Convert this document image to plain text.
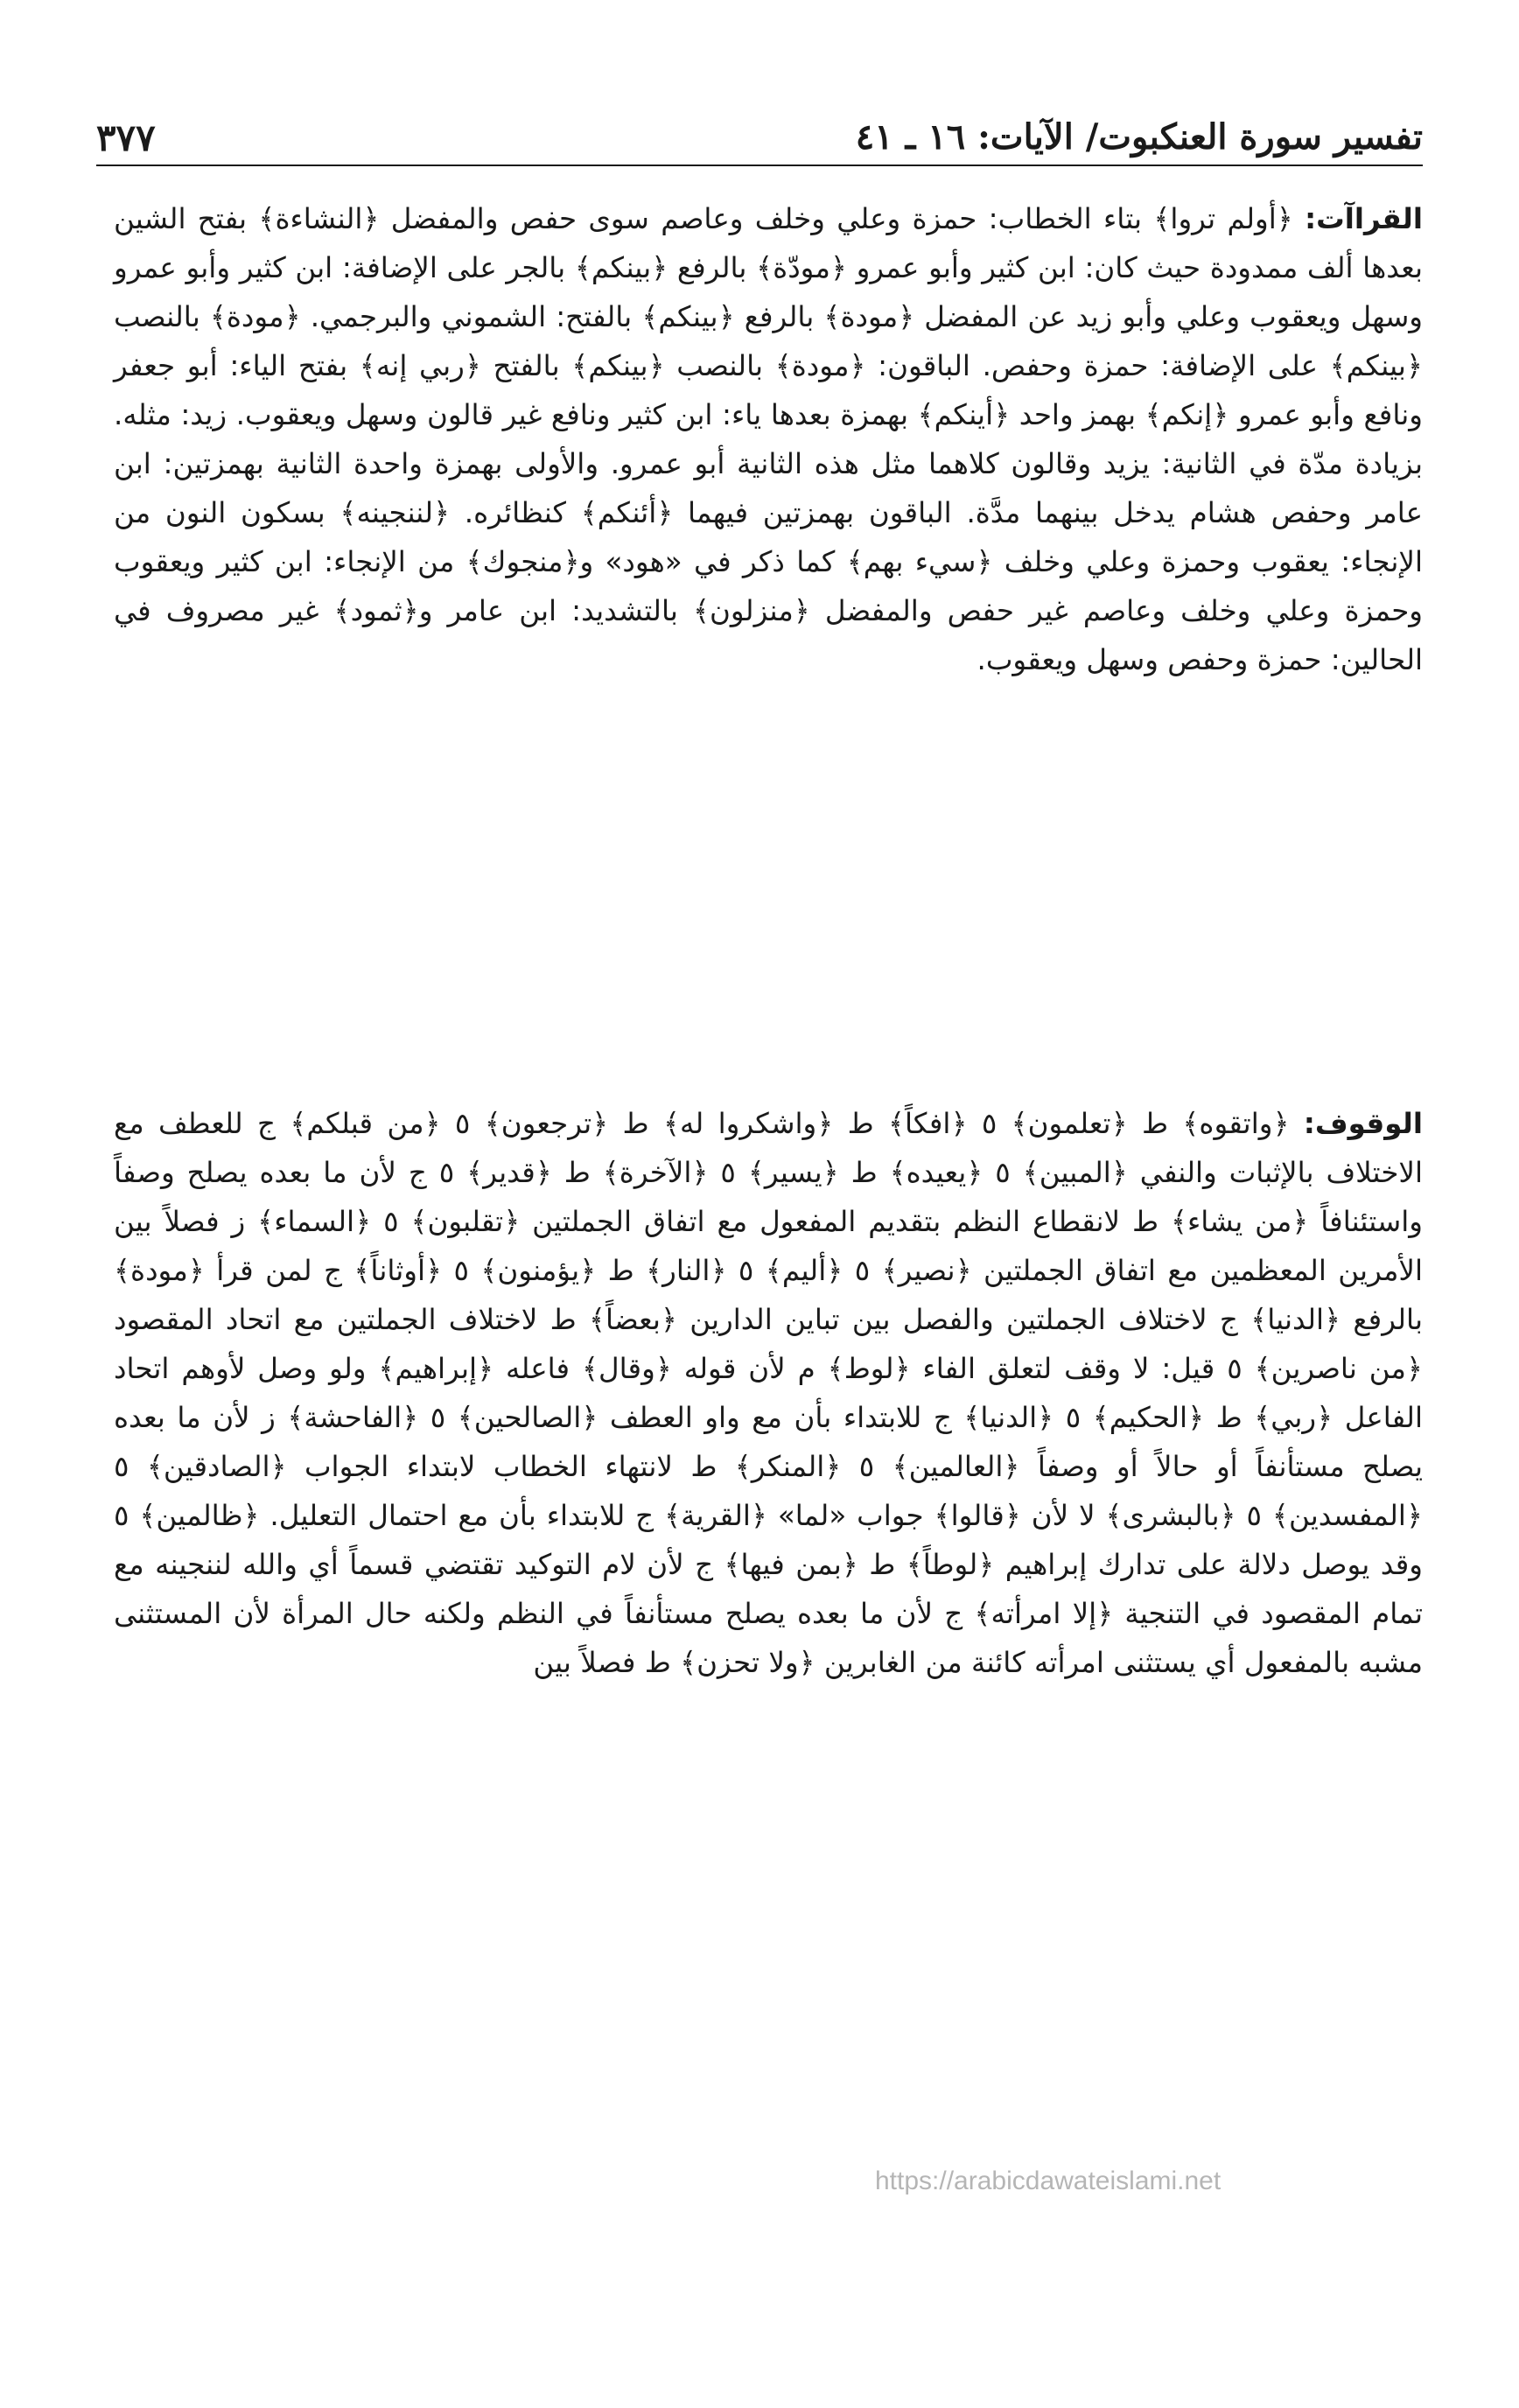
تفسير سورة العنكبوت/ الآيات: ١٦ ـ ٤١
٣٧٧

القراآت: ﴿أولم تروا﴾ بتاء الخطاب: حمزة وعلي وخلف وعاصم سوى حفص والمفضل ﴿النشاءة﴾ بفتح الشين بعدها ألف ممدودة حيث كان: ابن كثير وأبو عمرو ﴿مودّة﴾ بالرفع ﴿بينكم﴾ بالجر على الإضافة: ابن كثير وأبو عمرو وسهل ويعقوب وعلي وأبو زيد عن المفضل ﴿مودة﴾ بالرفع ﴿بينكم﴾ بالفتح: الشموني والبرجمي. ﴿مودة﴾ بالنصب ﴿بينكم﴾ على الإضافة: حمزة وحفص. الباقون: ﴿مودة﴾ بالنصب ﴿بينكم﴾ بالفتح ﴿ربي إنه﴾ بفتح الياء: أبو جعفر ونافع وأبو عمرو ﴿إنكم﴾ بهمز واحد ﴿أينكم﴾ بهمزة بعدها ياء: ابن كثير ونافع غير قالون وسهل ويعقوب. زيد: مثله. بزيادة مدّة في الثانية: يزيد وقالون كلاهما مثل هذه الثانية أبو عمرو. والأولى بهمزة واحدة الثانية بهمزتين: ابن عامر وحفص هشام يدخل بينهما مدَّة. الباقون بهمزتين فيهما ﴿أئنكم﴾ كنظائره. ﴿لننجينه﴾ بسكون النون من الإنجاء: يعقوب وحمزة وعلي وخلف ﴿سيء بهم﴾ كما ذكر في «هود» و﴿منجوك﴾ من الإنجاء: ابن كثير ويعقوب وحمزة وعلي وخلف وعاصم غير حفص والمفضل ﴿منزلون﴾ بالتشديد: ابن عامر و﴿ثمود﴾ غير مصروف في الحالين: حمزة وحفص وسهل ويعقوب.

الوقوف: ﴿واتقوه﴾ ط ﴿تعلمون﴾ ٥ ﴿افكاً﴾ ط ﴿واشكروا له﴾ ط ﴿ترجعون﴾ ٥ ﴿من قبلكم﴾ ج للعطف مع الاختلاف بالإثبات والنفي ﴿المبين﴾ ٥ ﴿يعيده﴾ ط ﴿يسير﴾ ٥ ﴿الآخرة﴾ ط ﴿قدير﴾ ٥ ج لأن ما بعده يصلح وصفاً واستئنافاً ﴿من يشاء﴾ ط لانقطاع النظم بتقديم المفعول مع اتفاق الجملتين ﴿تقلبون﴾ ٥ ﴿السماء﴾ ز فصلاً بين الأمرين المعظمين مع اتفاق الجملتين ﴿نصير﴾ ٥ ﴿أليم﴾ ٥ ﴿النار﴾ ط ﴿يؤمنون﴾ ٥ ﴿أوثاناً﴾ ج لمن قرأ ﴿مودة﴾ بالرفع ﴿الدنيا﴾ ج لاختلاف الجملتين والفصل بين تباين الدارين ﴿بعضاً﴾ ط لاختلاف الجملتين مع اتحاد المقصود ﴿من ناصرين﴾ ٥ قيل: لا وقف لتعلق الفاء ﴿لوط﴾ م لأن قوله ﴿وقال﴾ فاعله ﴿إبراهيم﴾ ولو وصل لأوهم اتحاد الفاعل ﴿ربي﴾ ط ﴿الحكيم﴾ ٥ ﴿الدنيا﴾ ج للابتداء بأن مع واو العطف ﴿الصالحين﴾ ٥ ﴿الفاحشة﴾ ز لأن ما بعده يصلح مستأنفاً أو حالاً أو وصفاً ﴿العالمين﴾ ٥ ﴿المنكر﴾ ط لانتهاء الخطاب لابتداء الجواب ﴿الصادقين﴾ ٥ ﴿المفسدين﴾ ٥ ﴿بالبشرى﴾ لا لأن ﴿قالوا﴾ جواب «لما» ﴿القرية﴾ ج للابتداء بأن مع احتمال التعليل. ﴿ظالمين﴾ ٥ وقد يوصل دلالة على تدارك إبراهيم ﴿لوطاً﴾ ط ﴿بمن فيها﴾ ج لأن لام التوكيد تقتضي قسماً أي والله لننجينه مع تمام المقصود في التنجية ﴿إلا امرأته﴾ ج لأن ما بعده يصلح مستأنفاً في النظم ولكنه حال المرأة لأن المستثنى مشبه بالمفعول أي يستثنى امرأته كائنة من الغابرين ﴿ولا تحزن﴾ ط فصلاً بين

https://arabicdawateislami.net
